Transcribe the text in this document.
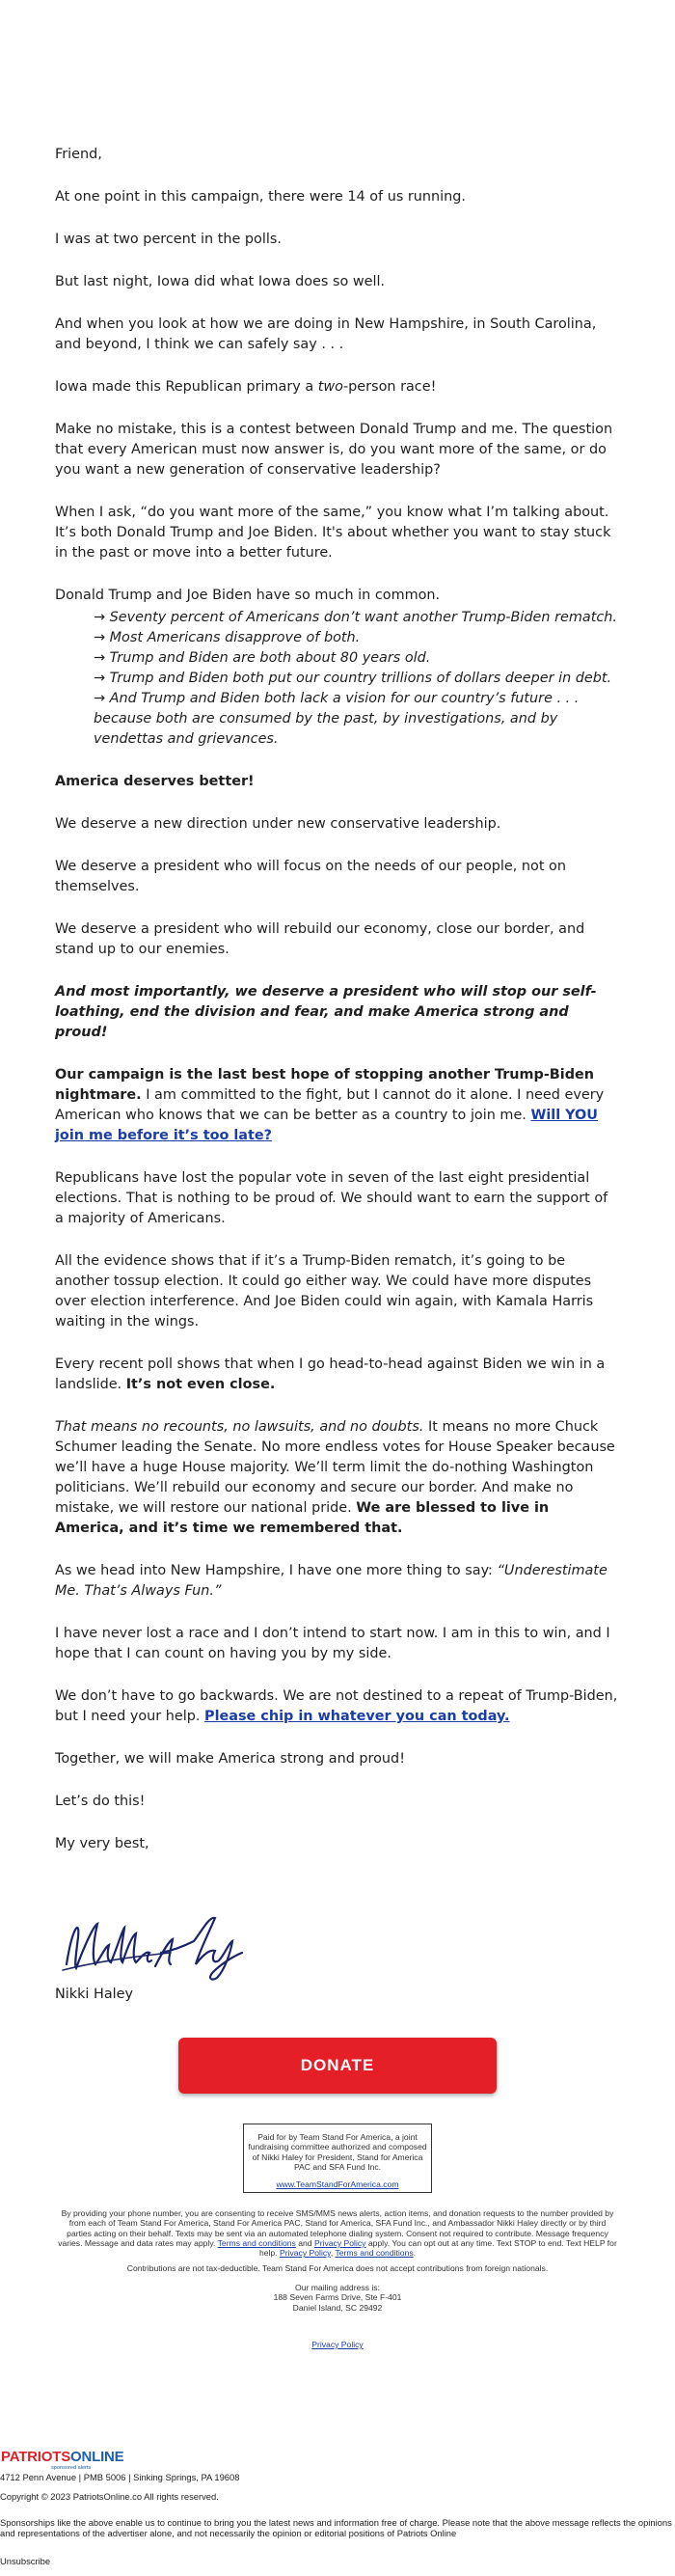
Friend,

At one point in this campaign, there were 14 of us running.

I was at two percent in the polls.

But last night, Iowa did what Iowa does so well.

And when you look at how we are doing in New Hampshire, in South Carolina, and beyond, I think we can safely say . . .

Iowa made this Republican primary a two-person race!

Make no mistake, this is a contest between Donald Trump and me. The question that every American must now answer is, do you want more of the same, or do you want a new generation of conservative leadership?

When I ask, “do you want more of the same,” you know what I’m talking about. It’s both Donald Trump and Joe Biden. It's about whether you want to stay stuck in the past or move into a better future.

Donald Trump and Joe Biden have so much in common.

→ Seventy percent of Americans don’t want another Trump-Biden rematch.
→ Most Americans disapprove of both.
→ Trump and Biden are both about 80 years old.
→ Trump and Biden both put our country trillions of dollars deeper in debt.
→ And Trump and Biden both lack a vision for our country’s future . . . because both are consumed by the past, by investigations, and by vendettas and grievances.

America deserves better!

We deserve a new direction under new conservative leadership.

We deserve a president who will focus on the needs of our people, not on themselves.

We deserve a president who will rebuild our economy, close our border, and stand up to our enemies.

And most importantly, we deserve a president who will stop our self-loathing, end the division and fear, and make America strong and proud!

Our campaign is the last best hope of stopping another Trump-Biden nightmare. I am committed to the fight, but I cannot do it alone. I need every American who knows that we can be better as a country to join me. Will YOU join me before it’s too late?

Republicans have lost the popular vote in seven of the last eight presidential elections. That is nothing to be proud of. We should want to earn the support of a majority of Americans.

All the evidence shows that if it’s a Trump-Biden rematch, it’s going to be another tossup election. It could go either way. We could have more disputes over election interference. And Joe Biden could win again, with Kamala Harris waiting in the wings.

Every recent poll shows that when I go head-to-head against Biden we win in a landslide. It’s not even close.

That means no recounts, no lawsuits, and no doubts. It means no more Chuck Schumer leading the Senate. No more endless votes for House Speaker because we’ll have a huge House majority. We’ll term limit the do-nothing Washington politicians. We’ll rebuild our economy and secure our border. And make no mistake, we will restore our national pride. We are blessed to live in America, and it’s time we remembered that.

As we head into New Hampshire, I have one more thing to say: “Underestimate Me. That’s Always Fun.”

I have never lost a race and I don’t intend to start now. I am in this to win, and I hope that I can count on having you by my side.

We don’t have to go backwards. We are not destined to a repeat of Trump-Biden, but I need your help. Please chip in whatever you can today.

Together, we will make America strong and proud!

Let’s do this!

My very best,

Nikki Haley
DONATE
Paid for by Team Stand For America, a joint fundraising committee authorized and composed of Nikki Haley for President, Stand for America PAC and SFA Fund Inc.
www.TeamStandForAmerica.com
By providing your phone number, you are consenting to receive SMS/MMS news alerts, action items, and donation requests to the number provided by from each of Team Stand For America, Stand For America PAC, Stand for America, SFA Fund Inc., and Ambassador Nikki Haley directly or by third parties acting on their behalf. Texts may be sent via an automated telephone dialing system. Consent not required to contribute. Message frequency varies. Message and data rates may apply. Terms and conditions and Privacy Policy apply. You can opt out at any time. Text STOP to end. Text HELP for help. Privacy Policy, Terms and conditions.
Contributions are not tax-deductible. Team Stand For America does not accept contributions from foreign nationals.
Our mailing address is:
188 Seven Farms Drive, Ste F-401
Daniel Island, SC 29492
Privacy Policy
PATRIOTSONLINE
sponsored alerts
4712 Penn Avenue | PMB 5006 | Sinking Springs, PA 19608
Copyright © 2023 PatriotsOnline.co All rights reserved.
Sponsorships like the above enable us to continue to bring you the latest news and information free of charge. Please note that the above message reflects the opinions and representations of the advertiser alone, and not necessarily the opinion or editorial positions of Patriots Online
Unsubscribe
